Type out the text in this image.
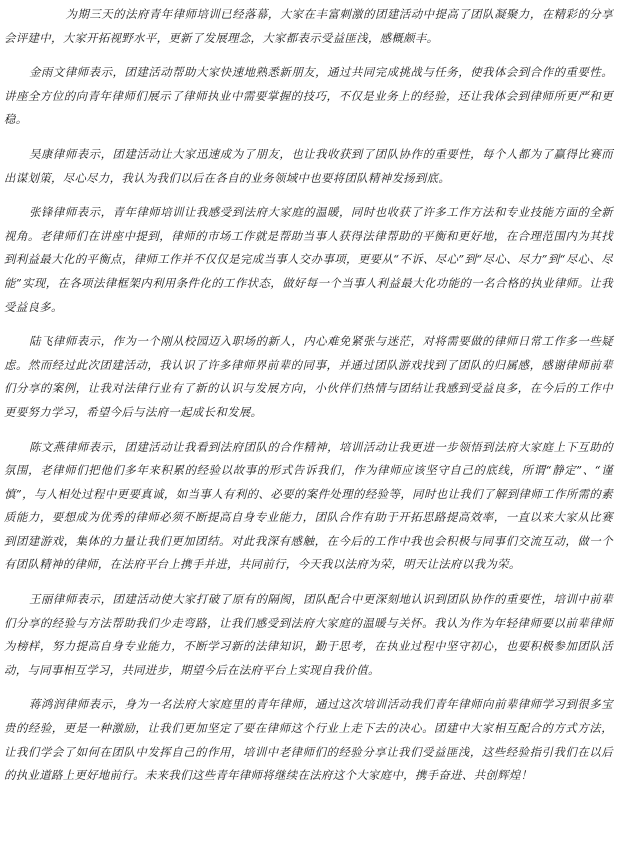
为期三天的法府青年律师培训已经落幕，大家在丰富刺激的团建活动中提高了团队凝聚力，在精彩的分享会评建中，大家开拓视野水平，更新了发展理念，大家都表示受益匪浅，感概颇丰。
金雨文律师表示，团建活动帮助大家快速地熟悉新朋友，通过共同完成挑战与任务，使我体会到合作的重要性。讲座全方位的向青年律师们展示了律师执业中需要掌握的技巧，不仅是业务上的经验，还让我体会到律师所更严和更稳。
吴康律师表示，团建活动让大家迅速成为了朋友，也让我收获到了团队协作的重要性，每个人都为了赢得比赛而出谋划策，尽心尽力，我认为我们以后在各自的业务领域中也要将团队精神发扬到底。
张锋律师表示，青年律师培训让我感受到法府大家庭的温暖，同时也收获了许多工作方法和专业技能方面的全新视角。老律师们在讲座中提到，律师的市场工作就是帮助当事人获得法律帮助的平衡和更好地，在合理范围内为其找到利益最大化的平衡点，律师工作并不仅仅是完成当事人交办事项，更要从“不诉、尽心”到“尽心、尽力”到“尽心、尽能”实现，在各项法律框架内利用条件化的工作状态，做好每一个当事人利益最大化功能的一名合格的执业律师。让我受益良多。
陆飞律师表示，作为一个刚从校园迈入职场的新人，内心难免紧张与迷茫，对将需要做的律师日常工作多一些疑虑。然而经过此次团建活动，我认识了许多律师界前辈的同事，并通过团队游戏找到了团队的归属感，感谢律师前辈们分享的案例，让我对法律行业有了新的认识与发展方向，小伙伴们热情与团结让我感到受益良多，在今后的工作中更要努力学习，希望今后与法府一起成长和发展。
陈文燕律师表示，团建活动让我看到法府团队的合作精神，培训活动让我更进一步领悟到法府大家庭上下互助的氛围，老律师们把他们多年来积累的经验以故事的形式告诉我们，作为律师应该坚守自己的底线，所谓“静定”、“谨慎”，与人相处过程中更要真诚，如当事人有利的、必要的案件处理的经验等，同时也让我们了解到律师工作所需的素质能力，要想成为优秀的律师必须不断提高自身专业能力，团队合作有助于开拓思路提高效率，一直以来大家从比赛到团建游戏，集体的力量让我们更加团结。对此我深有感触，在今后的工作中我也会积极与同事们交流互动，做一个有团队精神的律师，在法府平台上携手并进，共同前行，今天我以法府为荣，明天让法府以我为荣。
王丽律师表示，团建活动使大家打破了原有的隔阂，团队配合中更深刻地认识到团队协作的重要性，培训中前辈们分享的经验与方法帮助我们少走弯路，让我们感受到法府大家庭的温暖与关怀。我认为作为年轻律师要以前辈律师为榜样，努力提高自身专业能力，不断学习新的法律知识，勤于思考，在执业过程中坚守初心，也要积极参加团队活动，与同事相互学习，共同进步，期望今后在法府平台上实现自我价值。
蒋鸿润律师表示，身为一名法府大家庭里的青年律师，通过这次培训活动我们青年律师向前辈律师学习到很多宝贵的经验，更是一种激励，让我们更加坚定了要在律师这个行业上走下去的决心。团建中大家相互配合的方式方法，让我们学会了如何在团队中发挥自己的作用，培训中老律师们的经验分享让我们受益匪浅，这些经验指引我们在以后的执业道路上更好地前行。未来我们这些青年律师将继续在法府这个大家庭中，携手奋进、共创辉煌！
